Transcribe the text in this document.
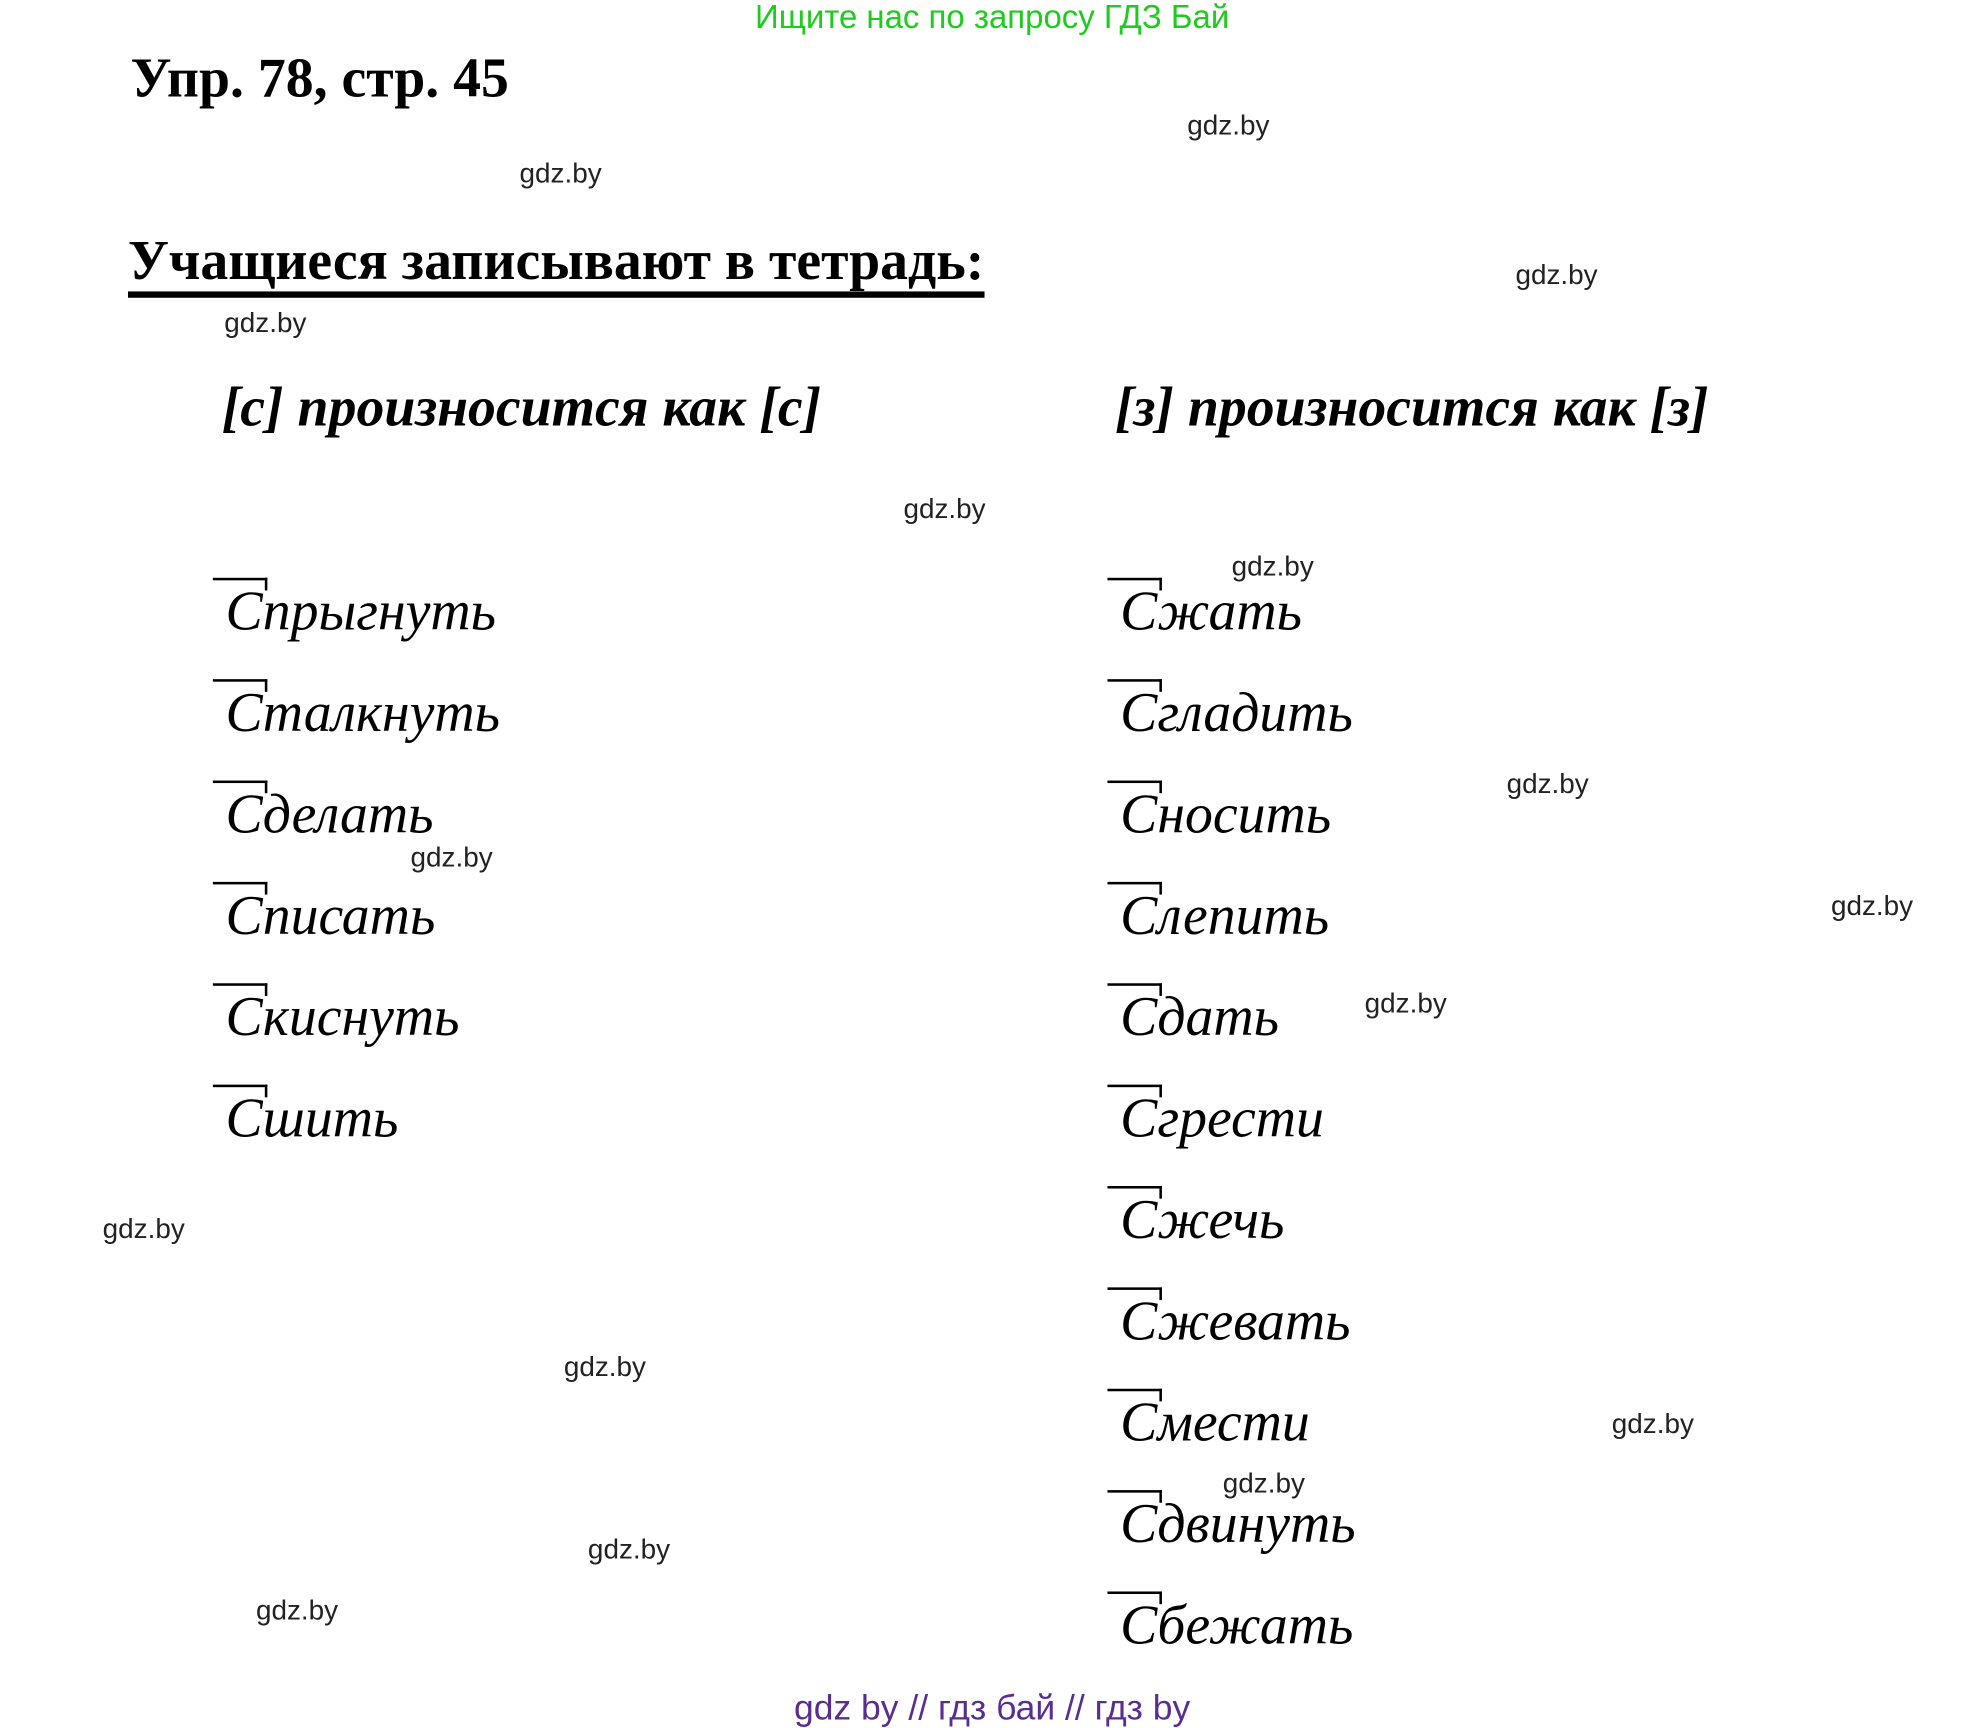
Ищите нас по запросу ГДЗ Бай
Упр. 78, стр. 45
Учащиеся записывают в тетрадь:
[с] произносится как [с]	[з] произносится как [з]
Спрыгнуть
Сталкнуть
Сделать
Списать
Скиснуть
Сшить
Сжать
Сгладить
Сносить
Слепить
Сдать
Сгрести
Сжечь
Сжевать
Смести
Сдвинуть
Сбежать
gdz.by
gdz.by
gdz.by
gdz.by
gdz.by
gdz.by
gdz.by
gdz.by
gdz.by
gdz.by
gdz.by
gdz.by
gdz.by
gdz.by
gdz.by
gdz.by
gdz by // гдз бай // гдз by
